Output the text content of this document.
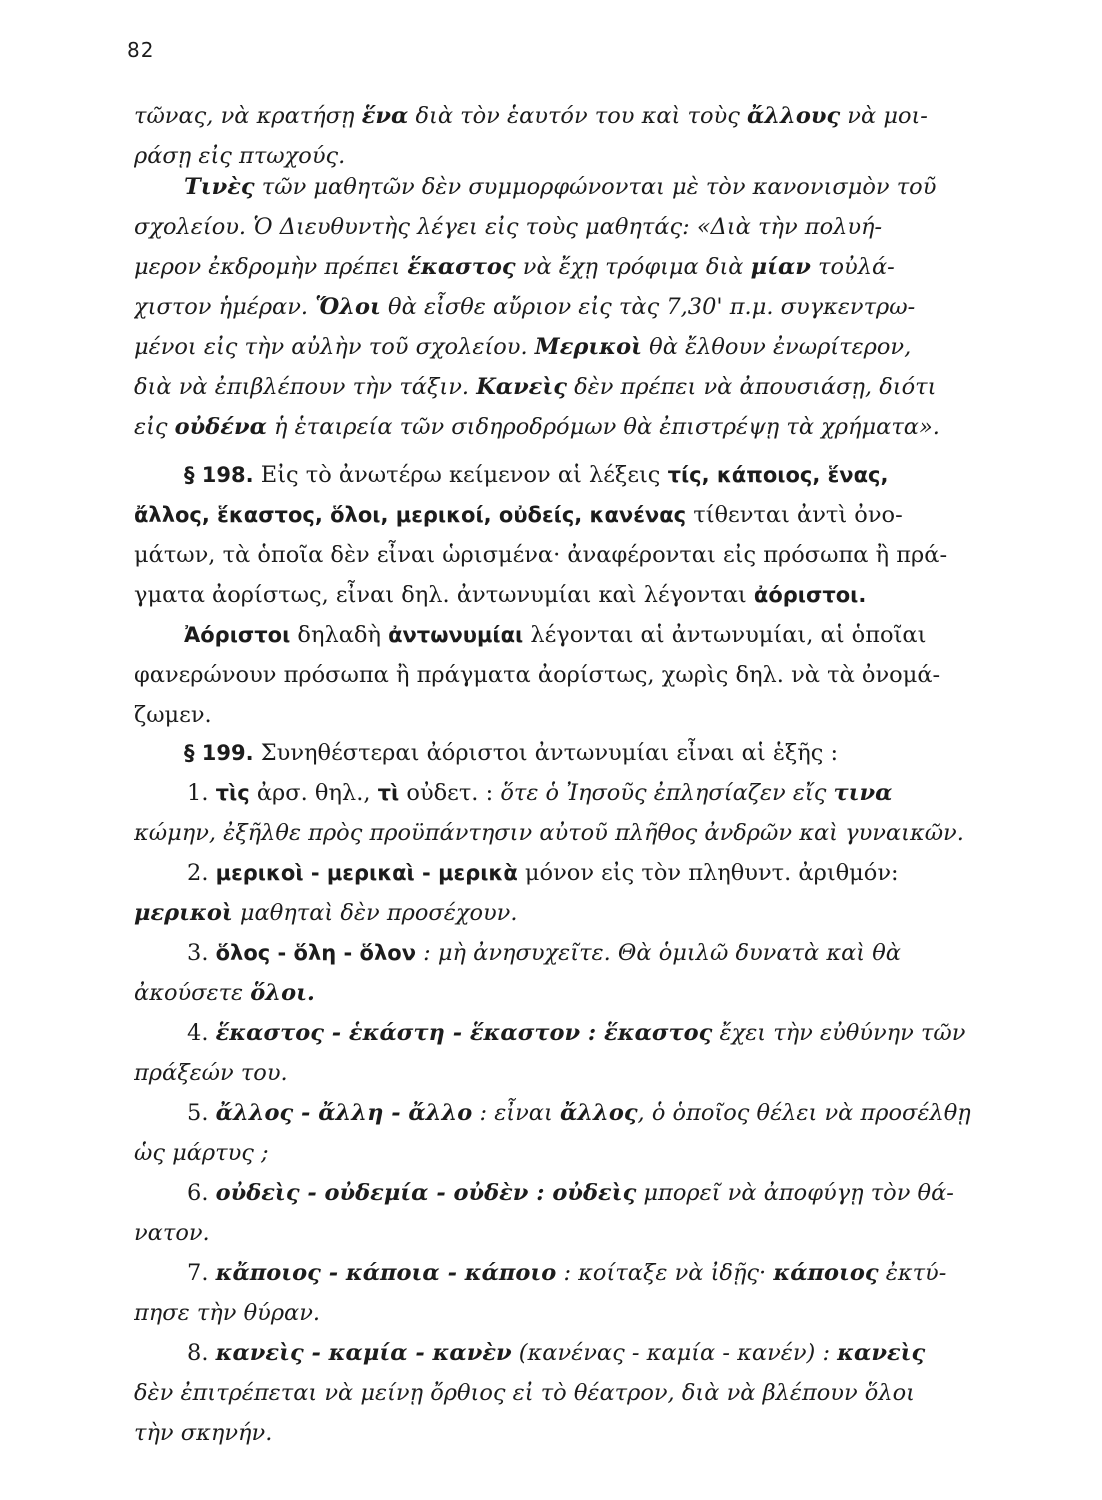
82
τῶνας, νὰ κρατήσῃ ἕνα διὰ τὸν ἑαυτόν του καὶ τοὺς ἄλλους νὰ μοι-
ράσῃ εἰς πτωχούς.
Τινὲς τῶν μαθητῶν δὲν συμμορφώνονται μὲ τὸν κανονισμὸν τοῦ
σχολείου. Ὁ Διευθυντὴς λέγει εἰς τοὺς μαθητάς: «Διὰ τὴν πολυή-
μερον ἐκδρομὴν πρέπει ἕκαστος νὰ ἔχῃ τρόφιμα διὰ μίαν τοὐλά-
χιστον ἡμέραν. Ὅλοι θὰ εἶσθε αὔριον εἰς τὰς 7,30' π.μ. συγκεντρω-
μένοι εἰς τὴν αὐλὴν τοῦ σχολείου. Μερικοὶ θὰ ἔλθουν ἐνωρίτερον,
διὰ νὰ ἐπιβλέπουν τὴν τάξιν. Κανεὶς δὲν πρέπει νὰ ἀπουσιάσῃ, διότι
εἰς οὐδένα ἡ ἑταιρεία τῶν σιδηροδρόμων θὰ ἐπιστρέψῃ τὰ χρήματα».
§ 198. Εἰς τὸ ἀνωτέρω κείμενον αἱ λέξεις τίς, κάποιος, ἕνας,
ἄλλος, ἕκαστος, ὅλοι, μερικοί, οὐδείς, κανένας τίθενται ἀντὶ ὀνο-
μάτων, τὰ ὁποῖα δὲν εἶναι ὡρισμένα· ἀναφέρονται εἰς πρόσωπα ἢ πρά-
γματα ἀορίστως, εἶναι δηλ. ἀντωνυμίαι καὶ λέγονται ἀόριστοι.
Ἀόριστοι δηλαδὴ ἀντωνυμίαι λέγονται αἱ ἀντωνυμίαι, αἱ ὁποῖαι
φανερώνουν πρόσωπα ἢ πράγματα ἀορίστως, χωρὶς δηλ. νὰ τὰ ὀνομά-
ζωμεν.
§ 199. Συνηθέστεραι ἀόριστοι ἀντωνυμίαι εἶναι αἱ ἑξῆς :
1. τὶς ἀρσ. θηλ., τὶ οὐδετ. : ὅτε ὁ Ἰησοῦς ἐπλησίαζεν εἴς τινα
κώμην, ἐξῆλθε πρὸς προϋπάντησιν αὐτοῦ πλῆθος ἀνδρῶν καὶ γυναικῶν.
2. μερικοὶ - μερικαὶ - μερικὰ μόνον εἰς τὸν πληθυντ. ἀριθμόν:
μερικοὶ μαθηταὶ δὲν προσέχουν.
3. ὅλος - ὅλη - ὅλον : μὴ ἀνησυχεῖτε. Θὰ ὁμιλῶ δυνατὰ καὶ θὰ
ἀκούσετε ὅλοι.
4. ἕκαστος - ἑκάστη - ἕκαστον : ἕκαστος ἔχει τὴν εὐθύνην τῶν
πράξεών του.
5. ἄλλος - ἄλλη - ἄλλο : εἶναι ἄλλος, ὁ ὁποῖος θέλει νὰ προσέλθῃ
ὡς μάρτυς ;
6. οὐδεὶς - οὐδεμία - οὐδὲν : οὐδεὶς μπορεῖ νὰ ἀποφύγῃ τὸν θά-
νατον.
7. κἄποιος - κάποια - κάποιο : κοίταξε νὰ ἰδῇς· κάποιος ἐκτύ-
πησε τὴν θύραν.
8. κανεὶς - καμία - κανὲν (κανένας - καμία - κανέν) : κανεὶς
δὲν ἐπιτρέπεται νὰ μείνῃ ὄρθιος εἰ τὸ θέατρον, διὰ νὰ βλέπουν ὅλοι
τὴν σκηνήν.
